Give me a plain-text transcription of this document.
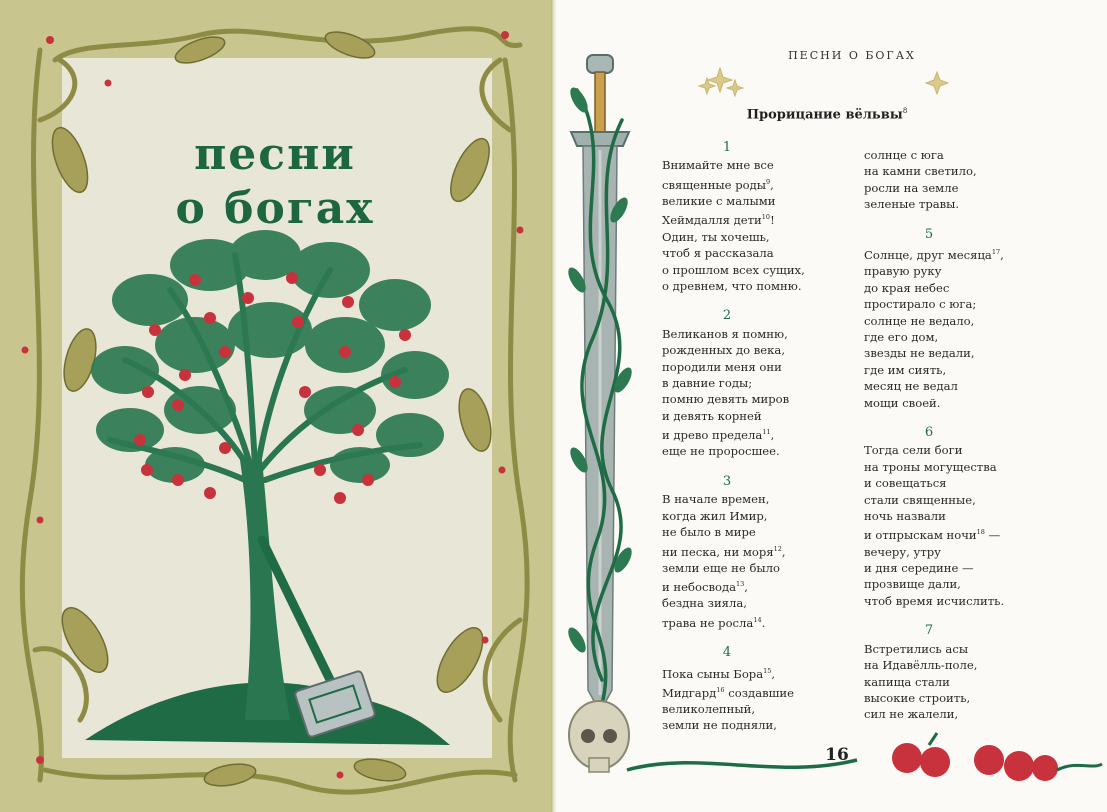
песни
о богах
ПЕСНИ О БОГАХ
Прорицание вёльвы$^8$
1
Внимайте мне все
священные роды$^9$,
великие с малыми
Хеймдалля дети$^{10}$!
Один, ты хочешь,
чтоб я рассказала
о прошлом всех сущих,
о древнем, что помню.
2
Великанов я помню,
рожденных до века,
породили меня они
в давние годы;
помню девять миров
и девять корней
и древо предела$^{11}$,
еще не проросшее.
3
В начале времен,
когда жил Имир,
не было в мире
ни песка, ни моря$^{12}$,
земли еще не было
и небосвода$^{13}$,
бездна зияла,
трава не росла$^{14}$.
4
Пока сыны Бора$^{15}$,
Мидгард$^{16}$ создавшие
великолепный,
земли не подняли,
солнце с юга
на камни светило,
росли на земле
зеленые травы.
5
Солнце, друг месяца$^{17}$,
правую руку
до края небес
простирало с юга;
солнце не ведало,
где его дом,
звезды не ведали,
где им сиять,
месяц не ведал
мощи своей.
6
Тогда сели боги
на троны могущества
и совещаться
стали священные,
ночь назвали
и отпрыскам ночи$^{18}$ —
вечеру, утру
и дня середине —
прозвище дали,
чтоб время исчислить.
7
Встретились асы
на Идавёлль-поле,
капища стали
высокие строить,
сил не жалели,
16
